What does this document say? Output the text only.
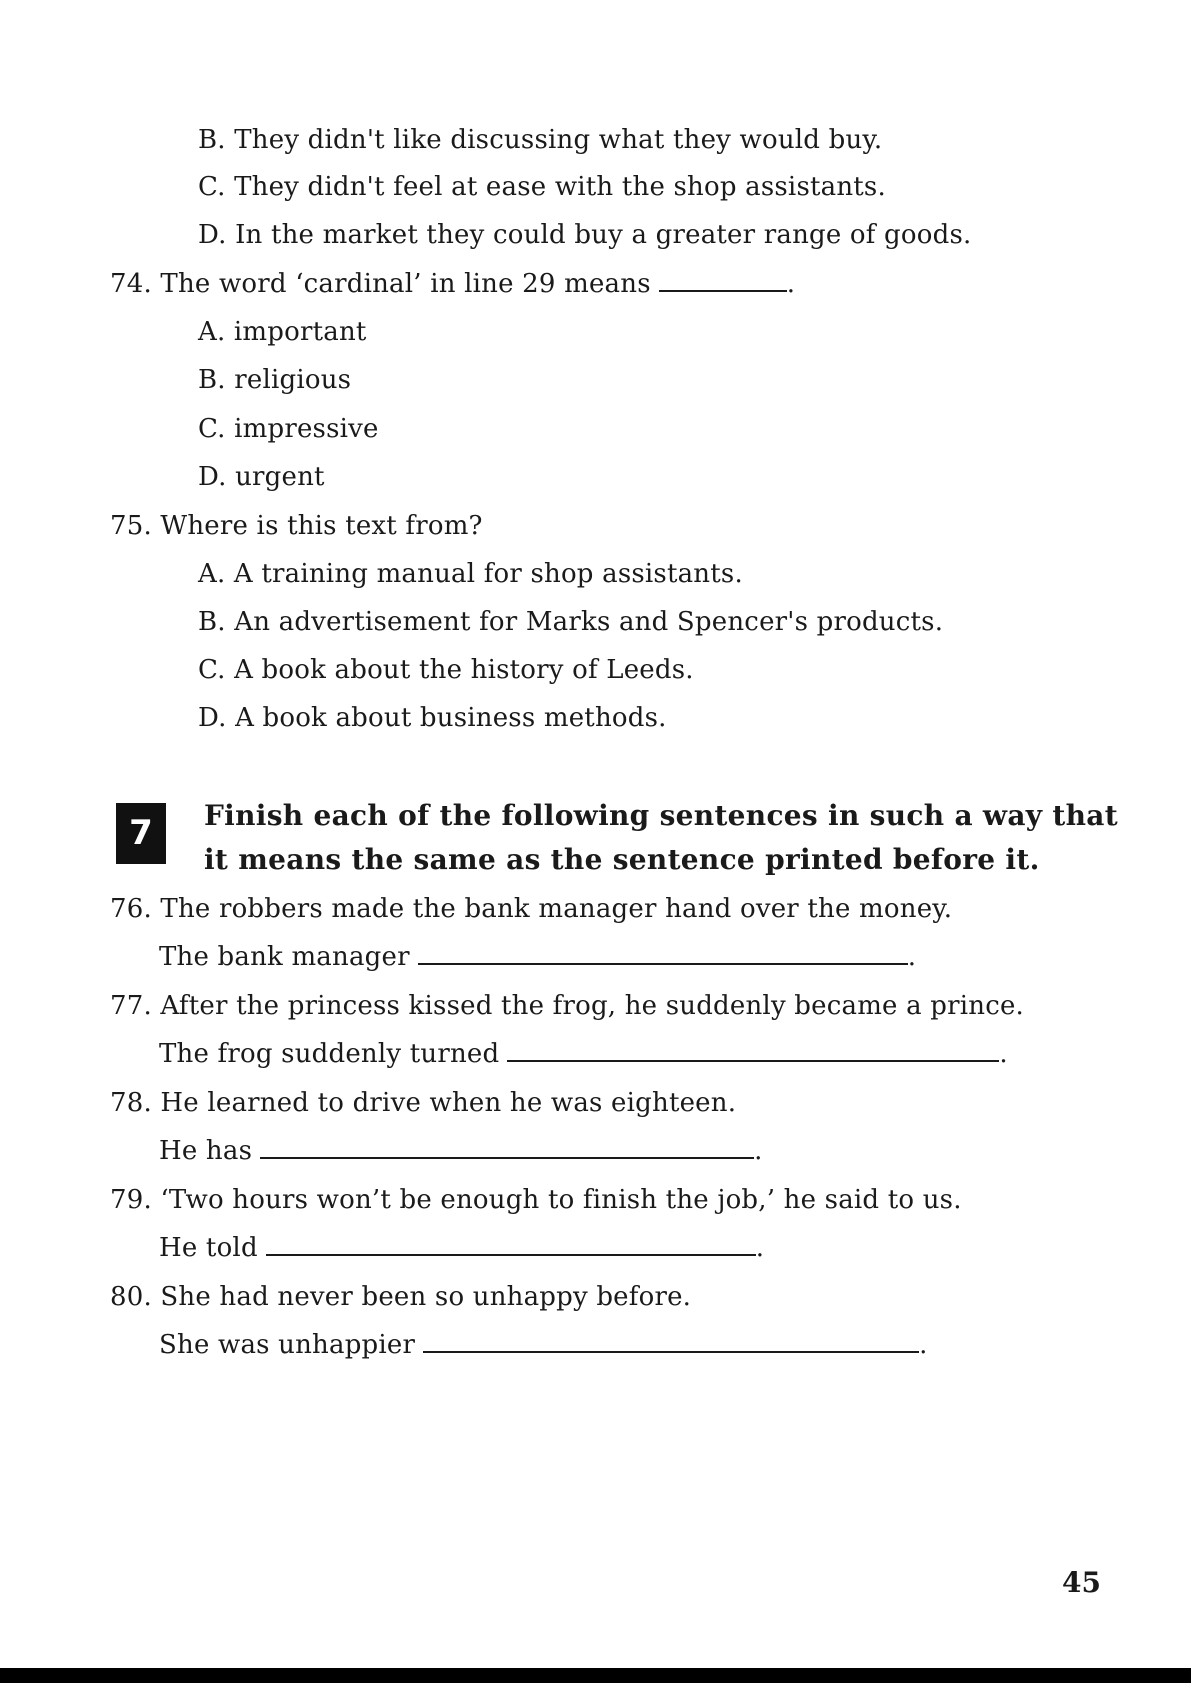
B. They didn't like discussing what they would buy.
C. They didn't feel at ease with the shop assistants.
D. In the market they could buy a greater range of goods.
74. The word ‘cardinal’ in line 29 means	.
A. important
B. religious
C. impressive
D. urgent
75. Where is this text from?
A. A training manual for shop assistants.
B. An advertisement for Marks and Spencer's products.
C. A book about the history of Leeds.
D. A book about business methods.
7	Finish each of the following sentences in such a way that
it means the same as the sentence printed before it.
76. The robbers made the bank manager hand over the money.
The bank manager	.
77. After the princess kissed the frog, he suddenly became a prince.
The frog suddenly turned	.
78. He learned to drive when he was eighteen.
He has	.
79. ‘Two hours won’t be enough to finish the job,’ he said to us.
He told	.
80. She had never been so unhappy before.
She was unhappier	.
45
